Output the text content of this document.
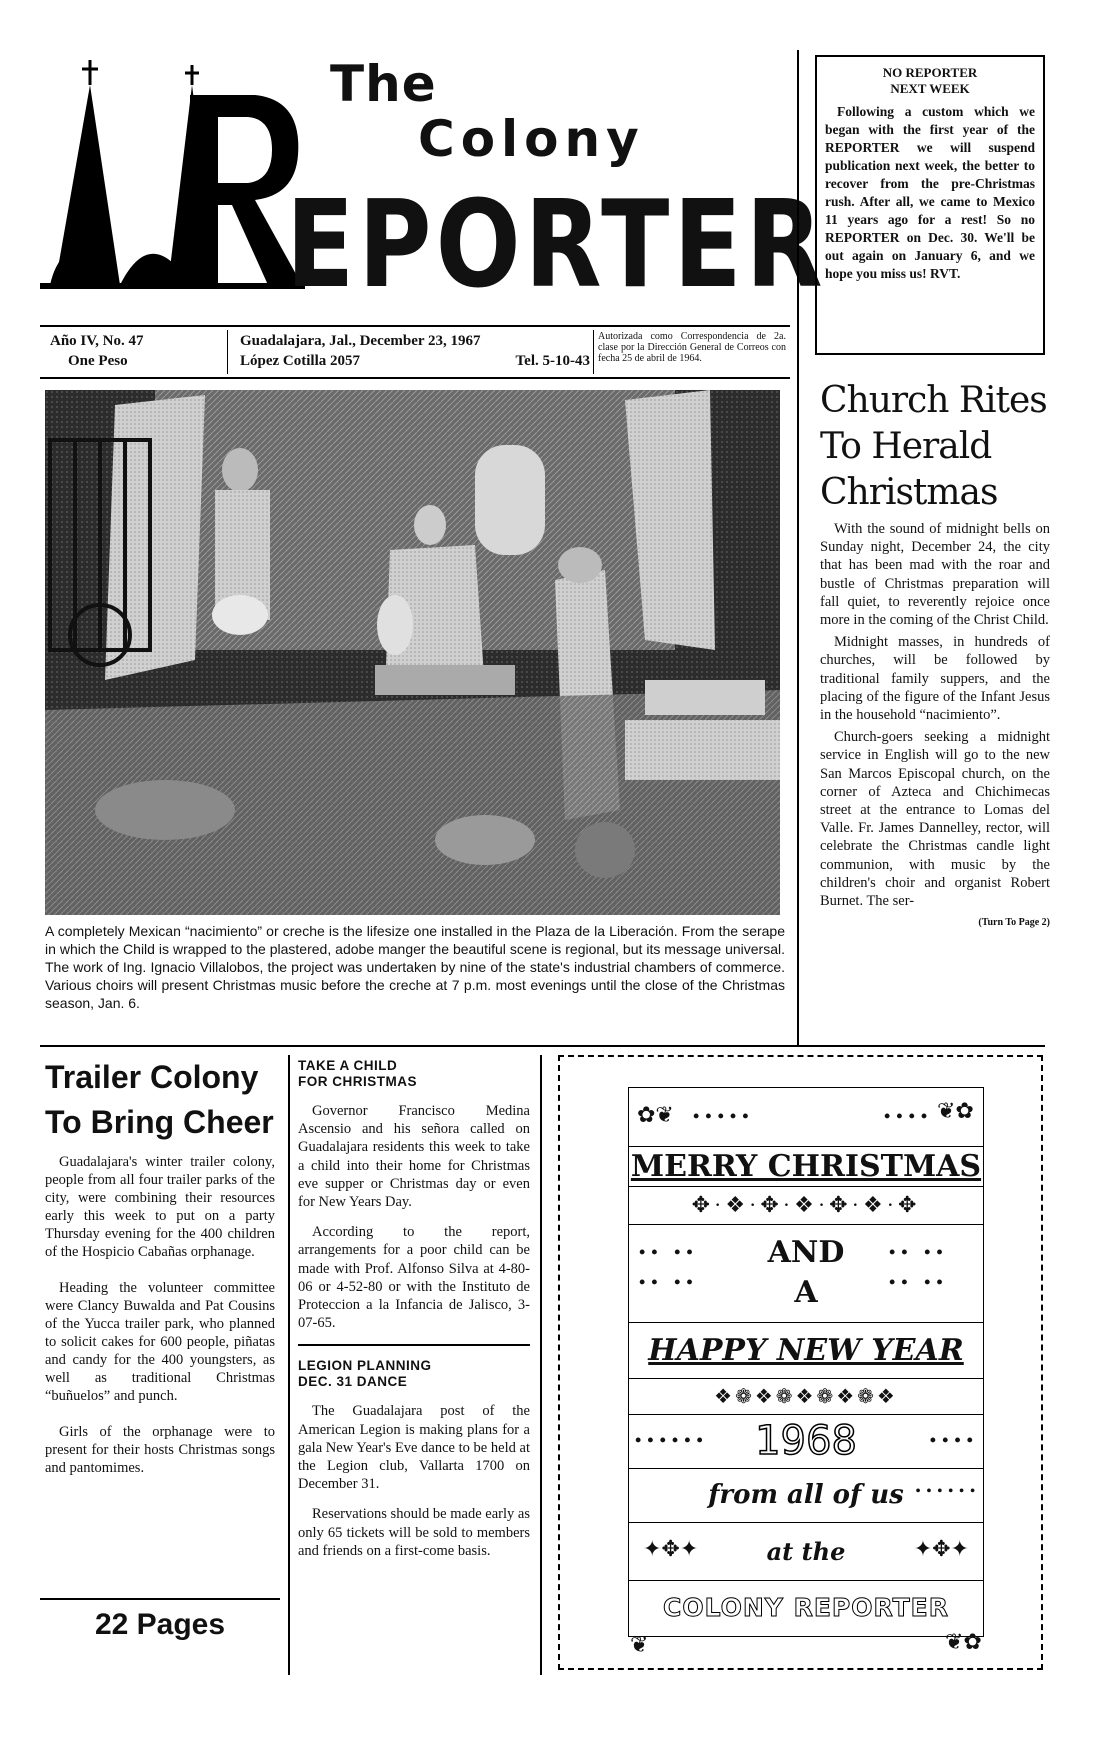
The
Colony
EPORTER
NO REPORTER
NEXT WEEK

Following a custom which we began with the first year of the REPORTER we will suspend publication next week, the better to recover from the pre-Christmas rush. After all, we came to Mexico 11 years ago for a rest! So no REPORTER on Dec. 30. We'll be out again on January 6, and we hope you miss us! RVT.

Año IV, No. 47
One Peso
Guadalajara, Jal., December 23, 1967
López Cotilla 2057	Tel. 5-10-43
Autorizada como Correspondencia de 2a. clase por la Dirección General de Correos con fecha 25 de abril de 1964.
A completely Mexican “nacimiento” or creche is the lifesize one installed in the Plaza de la Liberación. From the serape in which the Child is wrapped to the plastered, adobe manger the beautiful scene is regional, but its message universal. The work of Ing. Ignacio Villalobos, the project was undertaken by nine of the state's industrial chambers of commerce. Various choirs will present Christmas music before the creche at 7 p.m. most evenings until the close of the Christmas season, Jan. 6.
Church Rites
To Herald
Christmas

With the sound of midnight bells on Sunday night, December 24, the city that has been mad with the roar and bustle of Christmas preparation will fall quiet, to reverently rejoice once more in the coming of the Christ Child.

Midnight masses, in hundreds of churches, will be followed by traditional family suppers, and the placing of the figure of the Infant Jesus in the household “nacimiento”.

Church-goers seeking a midnight service in English will go to the new San Marcos Episcopal church, on the corner of Azteca and Chichimecas street at the entrance to Lomas del Valle. Fr. James Dannelley, rector, will celebrate the Christmas candle light communion, with music by the children's choir and organist Robert Burnet. The ser-

(Turn To Page 2)
Trailer Colony
To Bring Cheer

Guadalajara's winter trailer colony, people from all four trailer parks of the city, were combining their resources early this week to put on a party Thursday evening for the 400 children of the Hospicio Cabañas orphanage.

Heading the volunteer committee were Clancy Buwalda and Pat Cousins of the Yucca trailer park, who planned to solicit cakes for 600 people, piñatas and candy for the 400 youngsters, as well as traditional Christmas “buñuelos” and punch.

Girls of the orphanage were to present for their hosts Christmas songs and pantomimes.

22 Pages
TAKE A CHILD
FOR CHRISTMAS

Governor Francisco Medina Ascensio and his señora called on Guadalajara residents this week to take a child into their home for Christmas eve supper or Christmas day or even for New Years Day.

According to the report, arrangements for a poor child can be made with Prof. Alfonso Silva at 4-80-06 or 4-52-80 or with the Instituto de Proteccion a la Infancia de Jalisco, 3-07-65.

LEGION PLANNING
DEC. 31 DANCE

The Guadalajara post of the American Legion is making plans for a gala New Year's Eve dance to be held at the Legion club, Vallarta 1700 on December 31.

Reservations should be made early as only 65 tickets will be sold to members and friends on a first-come basis.

✿❦ •••••	•••• ❦✿
MERRY CHRISTMAS
✥·❖·✥·❖·✥·❖·✥
•• ••
•• ••
•• ••
•• ••
AND
A
HAPPY NEW YEAR
❖❁❖❁❖❁❖❁❖
•••••• 1968	••••
from all of us ••••••
✦✥✦	at the	✦✥✦
COLONY REPORTER
❦	❦✿
